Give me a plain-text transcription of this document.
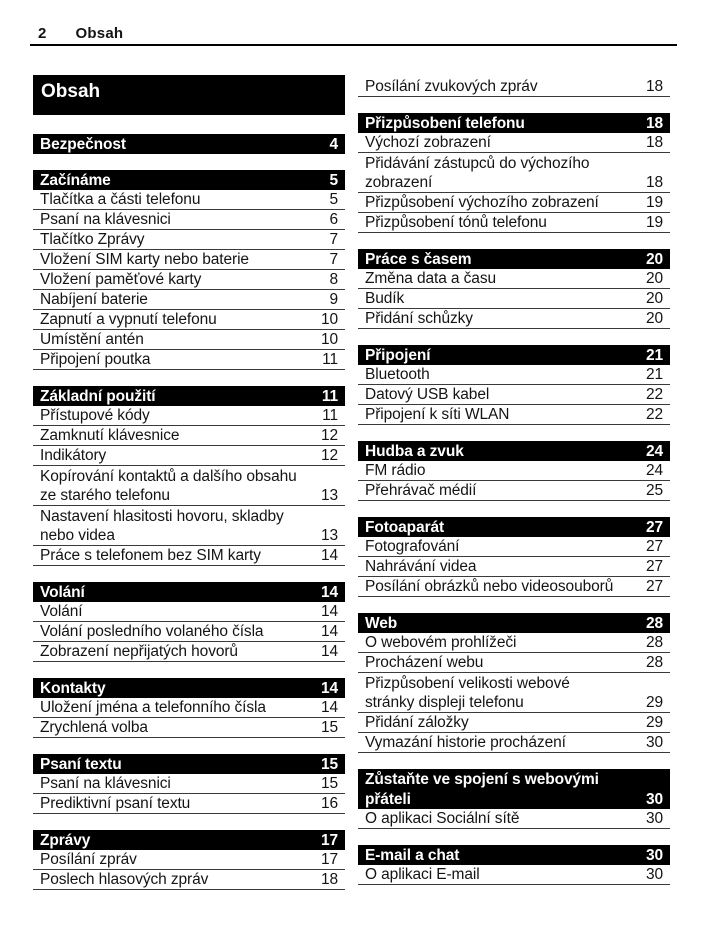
2 Obsah
Obsah
Bezpečnost	4
Začínáme	5
Tlačítka a části telefonu	5
Psaní na klávesnici	6
Tlačítko Zprávy	7
Vložení SIM karty nebo baterie	7
Vložení paměťové karty	8
Nabíjení baterie	9
Zapnutí a vypnutí telefonu	10
Umístění antén	10
Připojení poutka	11
Základní použití	11
Přístupové kódy	11
Zamknutí klávesnice	12
Indikátory	12
Kopírování kontaktů a dalšího obsahu
ze starého telefonu	13
Nastavení hlasitosti hovoru, skladby
nebo videa	13
Práce s telefonem bez SIM karty	14
Volání	14
Volání	14
Volání posledního volaného čísla	14
Zobrazení nepřijatých hovorů	14
Kontakty	14
Uložení jména a telefonního čísla	14
Zrychlená volba	15
Psaní textu	15
Psaní na klávesnici	15
Prediktivní psaní textu	16
Zprávy	17
Posílání zpráv	17
Poslech hlasových zpráv	18
Posílání zvukových zpráv	18
Přizpůsobení telefonu	18
Výchozí zobrazení	18
Přidávání zástupců do výchozího
zobrazení	18
Přizpůsobení výchozího zobrazení	19
Přizpůsobení tónů telefonu	19
Práce s časem	20
Změna data a času	20
Budík	20
Přidání schůzky	20
Připojení	21
Bluetooth	21
Datový USB kabel	22
Připojení k síti WLAN	22
Hudba a zvuk	24
FM rádio	24
Přehrávač médií	25
Fotoaparát	27
Fotografování	27
Nahrávání videa	27
Posílání obrázků nebo videosouborů 27
Web	28
O webovém prohlížeči	28
Procházení webu	28
Přizpůsobení velikosti webové
stránky displeji telefonu	29
Přidání záložky	29
Vymazání historie procházení	30
Zůstaňte ve spojení s webovými
přáteli	30
O aplikaci Sociální sítě	30
E-mail a chat	30
O aplikaci E-mail	30
